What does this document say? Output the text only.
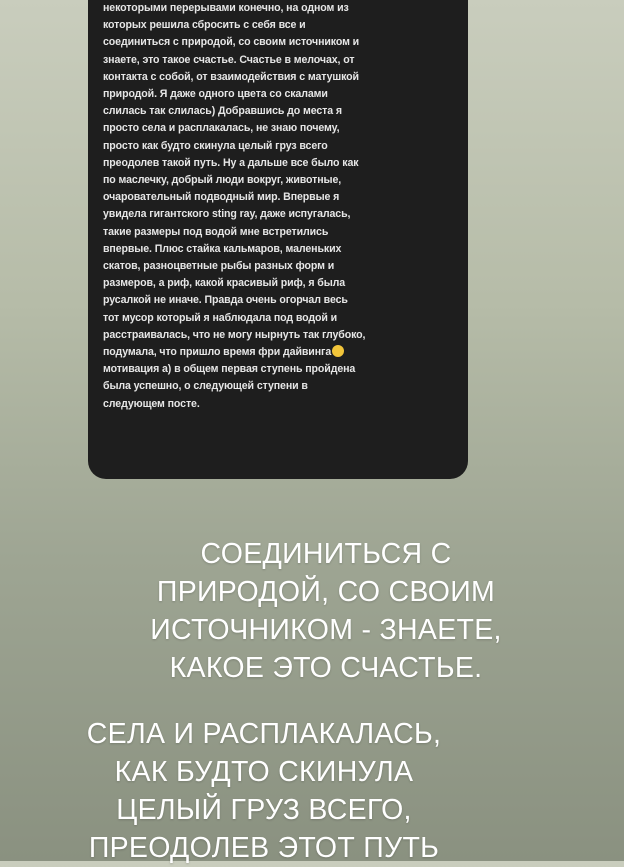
некоторыми перерывами конечно, на одном из
которых решила сбросить с себя все и
соединиться с природой, со своим источником и
знаете, это такое счастье. Счастье в мелочах, от
контакта с собой, от взаимодействия с матушкой
природой. Я даже одного цвета со скалами
слилась так слилась) Добравшись до места я
просто села и расплакалась, не знаю почему,
просто как будто скинула целый груз всего
преодолев такой путь. Ну а дальше все было как
по маслечку, добрый люди вокруг, животные,
очаровательный подводный мир. Впервые я
увидела гигантского sting ray, даже испугалась,
такие размеры под водой мне встретились
впервые. Плюс стайка кальмаров, маленьких
скатов, разноцветные рыбы разных форм и
размеров, а риф, какой красивый риф, я была
русалкой не иначе. Правда очень огорчал весь
тот мусор который я наблюдала под водой и
расстраивалась, что не могу нырнуть так глубоко,
подумала, что пришло время фри дайвинга
мотивация а) в общем первая ступень пройдена
была успешно, о следующей ступени в
следующем посте.

СОЕДИНИТЬСЯ С
ПРИРОДОЙ, СО СВОИМ
ИСТОЧНИКОМ - ЗНАЕТЕ,
КАКОЕ ЭТО СЧАСТЬЕ.

СЕЛА И РАСПЛАКАЛАСЬ,
КАК БУДТО СКИНУЛА
ЦЕЛЫЙ ГРУЗ ВСЕГО,
ПРЕОДОЛЕВ ЭТОТ ПУТЬ
